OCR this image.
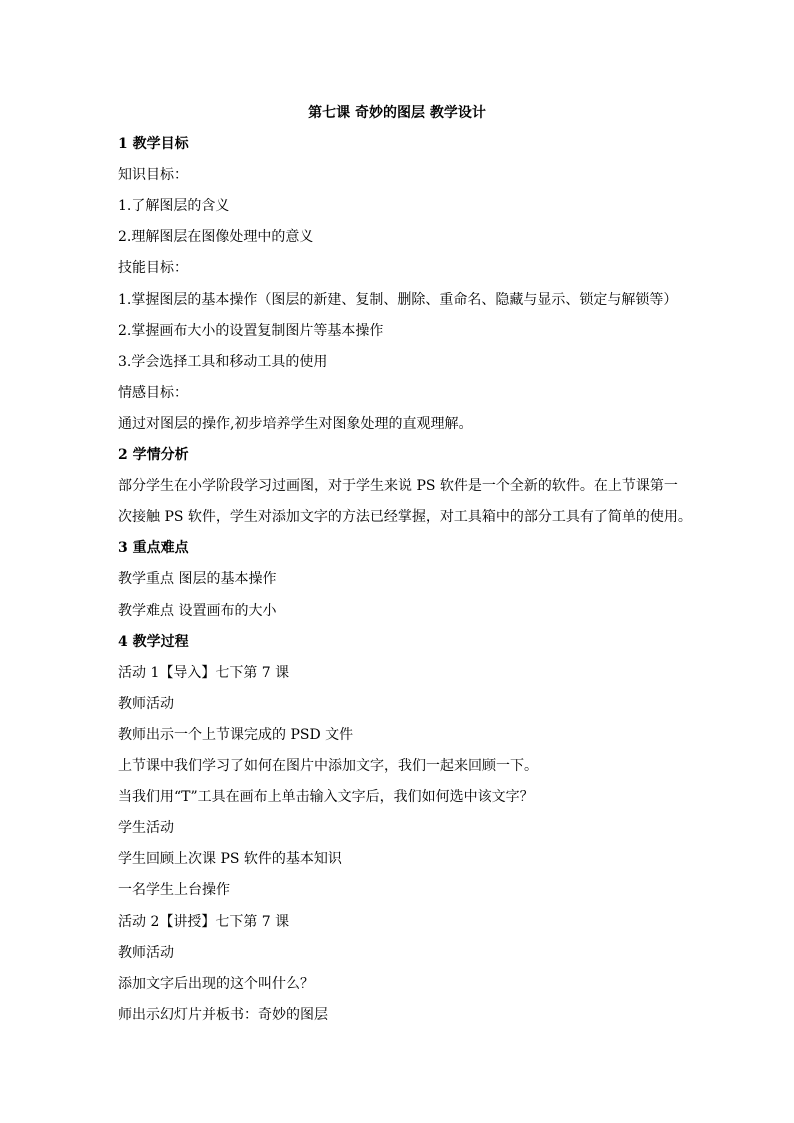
第七课 奇妙的图层 教学设计
1 教学目标
知识目标：
1.了解图层的含义
2.理解图层在图像处理中的意义
技能目标：
1.掌握图层的基本操作（图层的新建、复制、删除、重命名、隐藏与显示、锁定与解锁等）
2.掌握画布大小的设置复制图片等基本操作
3.学会选择工具和移动工具的使用
情感目标：
通过对图层的操作,初步培养学生对图象处理的直观理解。
2 学情分析
部分学生在小学阶段学习过画图，对于学生来说 PS 软件是一个全新的软件。在上节课第一
次接触 PS 软件，学生对添加文字的方法已经掌握，对工具箱中的部分工具有了简单的使用。
3 重点难点
教学重点 图层的基本操作
教学难点 设置画布的大小
4 教学过程
活动 1【导入】七下第 7 课
教师活动
教师出示一个上节课完成的 PSD 文件
上节课中我们学习了如何在图片中添加文字，我们一起来回顾一下。
当我们用“T”工具在画布上单击输入文字后，我们如何选中该文字？
学生活动
学生回顾上次课 PS 软件的基本知识
一名学生上台操作
活动 2【讲授】七下第 7 课
教师活动
添加文字后出现的这个叫什么？
师出示幻灯片并板书：奇妙的图层
